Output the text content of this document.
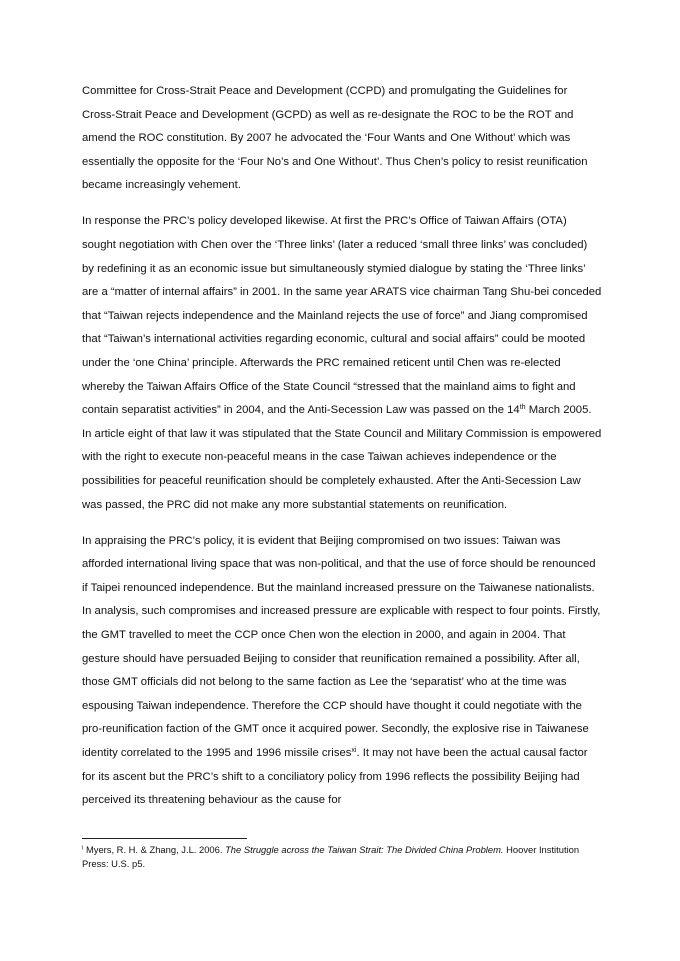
Committee for Cross-Strait Peace and Development (CCPD) and promulgating the Guidelines for Cross-Strait Peace and Development (GCPD) as well as re-designate the ROC to be the ROT and amend the ROC constitution. By 2007 he advocated the ‘Four Wants and One Without’ which was essentially the opposite for the ‘Four No’s and One Without’. Thus Chen’s policy to resist reunification became increasingly vehement.

In response the PRC’s policy developed likewise. At first the PRC’s Office of Taiwan Affairs (OTA) sought negotiation with Chen over the ‘Three links’ (later a reduced ‘small three links’ was concluded) by redefining it as an economic issue but simultaneously stymied dialogue by stating the ‘Three links’ are a “matter of internal affairs” in 2001. In the same year ARATS vice chairman Tang Shu-bei conceded that “Taiwan rejects independence and the Mainland rejects the use of force” and Jiang compromised that “Taiwan’s international activities regarding economic, cultural and social affairs” could be mooted under the ‘one China’ principle. Afterwards the PRC remained reticent until Chen was re-elected whereby the Taiwan Affairs Office of the State Council “stressed that the mainland aims to fight and contain separatist activities” in 2004, and the Anti-Secession Law was passed on the 14th March 2005. In article eight of that law it was stipulated that the State Council and Military Commission is empowered with the right to execute non-peaceful means in the case Taiwan achieves independence or the possibilities for peaceful reunification should be completely exhausted. After the Anti-Secession Law was passed, the PRC did not make any more substantial statements on reunification.

In appraising the PRC’s policy, it is evident that Beijing compromised on two issues: Taiwan was afforded international living space that was non-political, and that the use of force should be renounced if Taipei renounced independence. But the mainland increased pressure on the Taiwanese nationalists. In analysis, such compromises and increased pressure are explicable with respect to four points. Firstly, the GMT travelled to meet the CCP once Chen won the election in 2000, and again in 2004. That gesture should have persuaded Beijing to consider that reunification remained a possibility. After all, those GMT officials did not belong to the same faction as Lee the ‘separatist’ who at the time was espousing Taiwan independence. Therefore the CCP should have thought it could negotiate with the pro-reunification faction of the GMT once it acquired power. Secondly, the explosive rise in Taiwanese identity correlated to the 1995 and 1996 missile crises$^{xi}$. It may not have been the actual causal factor for its ascent but the PRC’s shift to a conciliatory policy from 1996 reflects the possibility Beijing had perceived its threatening behaviour as the cause for

$^i$ Myers, R. H. & Zhang, J.L. 2006. The Struggle across the Taiwan Strait: The Divided China Problem. Hoover Institution Press: U.S. p5.
